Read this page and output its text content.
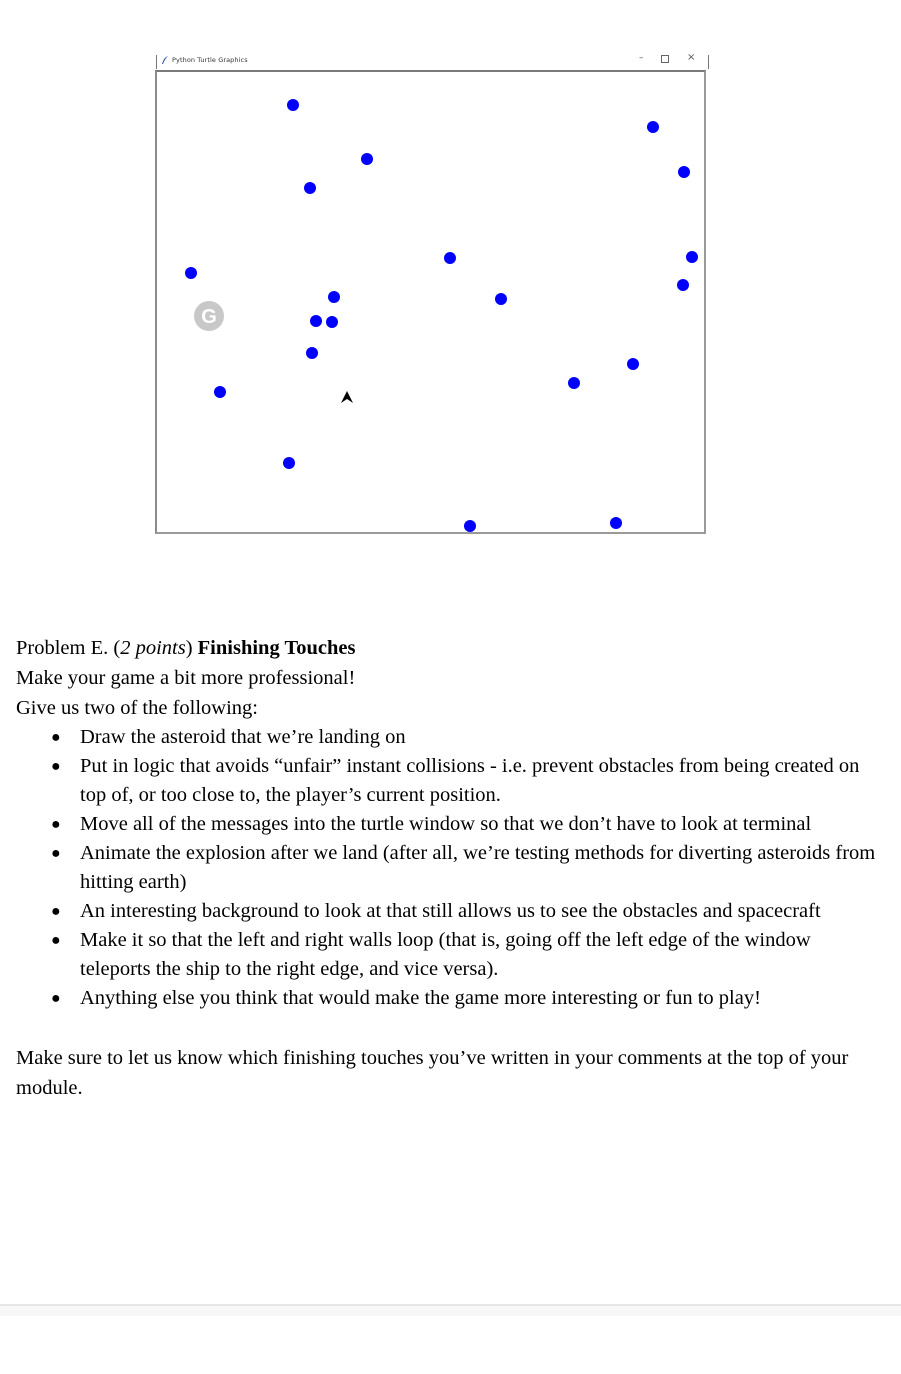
Python Turtle Graphics	–	×
G

Problem E. (2 points) Finishing Touches

Make your game a bit more professional!

Give us two of the following:

● Draw the asteroid that we’re landing on
● Put in logic that avoids “unfair” instant collisions - i.e. prevent obstacles from being created on top of, or too close to, the player’s current position.
● Move all of the messages into the turtle window so that we don’t have to look at terminal
● Animate the explosion after we land (after all, we’re testing methods for diverting asteroids from hitting earth)
● An interesting background to look at that still allows us to see the obstacles and spacecraft
● Make it so that the left and right walls loop (that is, going off the left edge of the window teleports the ship to the right edge, and vice versa).
● Anything else you think that would make the game more interesting or fun to play!

Make sure to let us know which finishing touches you’ve written in your comments at the top of your module.
